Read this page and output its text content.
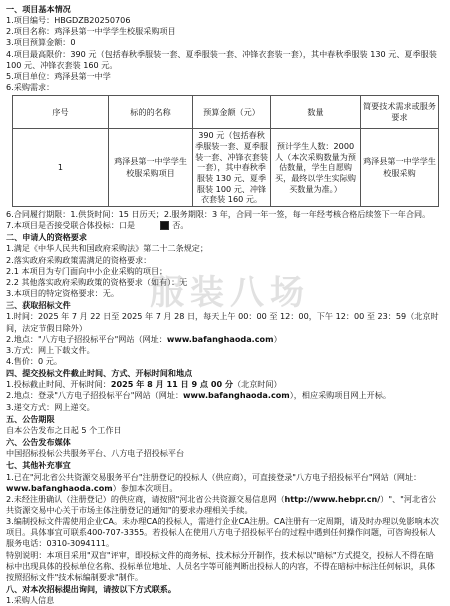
一、项目基本情况
1.项目编号：HBGDZB20250706
2.项目名称：鸡泽县第一中学学生校服采购项目
3.项目预算金额：0
4.项目最高限价：390 元（包括春秋季服装一套、夏季服装一套、冲锋衣套装一套），其中春秋季服装 130 元、夏季服装 100 元、冲锋衣套装 160 元。
5.项目单位：鸡泽县第一中学
6.采购需求：
序号	标的的名称	预算金额（元）	数量	简要技术需求或服务要求
1	鸡泽县第一中学学生校服采购项目	390 元（包括春秋季服装一套、夏季服装一套、冲锋衣套装一套），其中春秋季服装 130 元、夏季服装 100 元、冲锋衣套装 160 元。	预计学生人数：2000 人（本次采购数量为预估数量，学生自愿购买，最终以学生实际购买数量为准。）	鸡泽县第一中学学生校服采购
6.合同履行期限：1.供货时间：15 日历天；2.服务期限：3 年，合同一年一签，每一年经考核合格后续签下一年合同。
7.本项目是否接受联合体投标：口是	否。
二、申请人的资格要求
1.满足《中华人民共和国政府采购法》第二十二条规定；
2.落实政府采购政策需满足的资格要求：
2.1 本项目为专门面向中小企业采购的项目；
2.2 其他落实政府采购政策的资格要求（如有）：无
3.本项目的特定资格要求：无。
三、获取招标文件
1.时间：2025 年 7 月 22 日至 2025 年 7 月 28 日，每天上午 00：00 至 12：00，下午 12：00 至 23：59（北京时间，法定节假日除外）
2.地点："八方电子招投标平台"网站（网址：www.bafanghaoda.com）
3.方式：网上下载文件。
4.售价：0 元。
四、提交投标文件截止时间、方式、开标时间和地点
1.投标截止时间、开标时间：2025 年 8 月 11 日 9 点 00 分（北京时间）
2.地点：登录"八方电子招投标平台"网站（网址：www.bafanghaoda.com），相应采购项目网上开标。
3.递交方式：网上递交。
五、公告期限
自本公告发布之日起 5 个工作日
六、公告发布媒体
中国招标投标公共服务平台、八方电子招投标平台
七、其他补充事宜
1.已在"河北省公共资源交易服务平台"注册登记的投标人（供应商），可直接登录"八方电子招投标平台"网站（网址：www.bafanghaoda.com）参加本次项目。
2.未经注册确认（注册登记）的供应商，请按照"河北省公共资源交易信息网（http://www.hebpr.cn/）"、"河北省公共资源交易中心关于市场主体注册登记的通知"的要求办理相关手续。
3.编制投标文件需使用企业CA。未办理CA的投标人，需进行企业CA注册。CA注册有一定周期，请及时办理以免影响本次项目。具体事宜可联系400-707-3355。若投标人在使用八方电子招投标平台的过程中遇到任何操作问题，可咨询投标人服务电话：0310-3094111。
特别说明：本项目采用"双盲"评审，即投标文件的商务标、技术标分开制作，技术标以"暗标"方式提交，投标人不得在暗标中出现具体的投标单位名称、投标单位地址、人员名字等可能判断出投标人的内容，不得在暗标中标注任何标识，具体按照招标文件"技术标编制要求"制作。
八、对本次招标提出询问，请按以下方式联系。
1.采购人信息
服装八场
